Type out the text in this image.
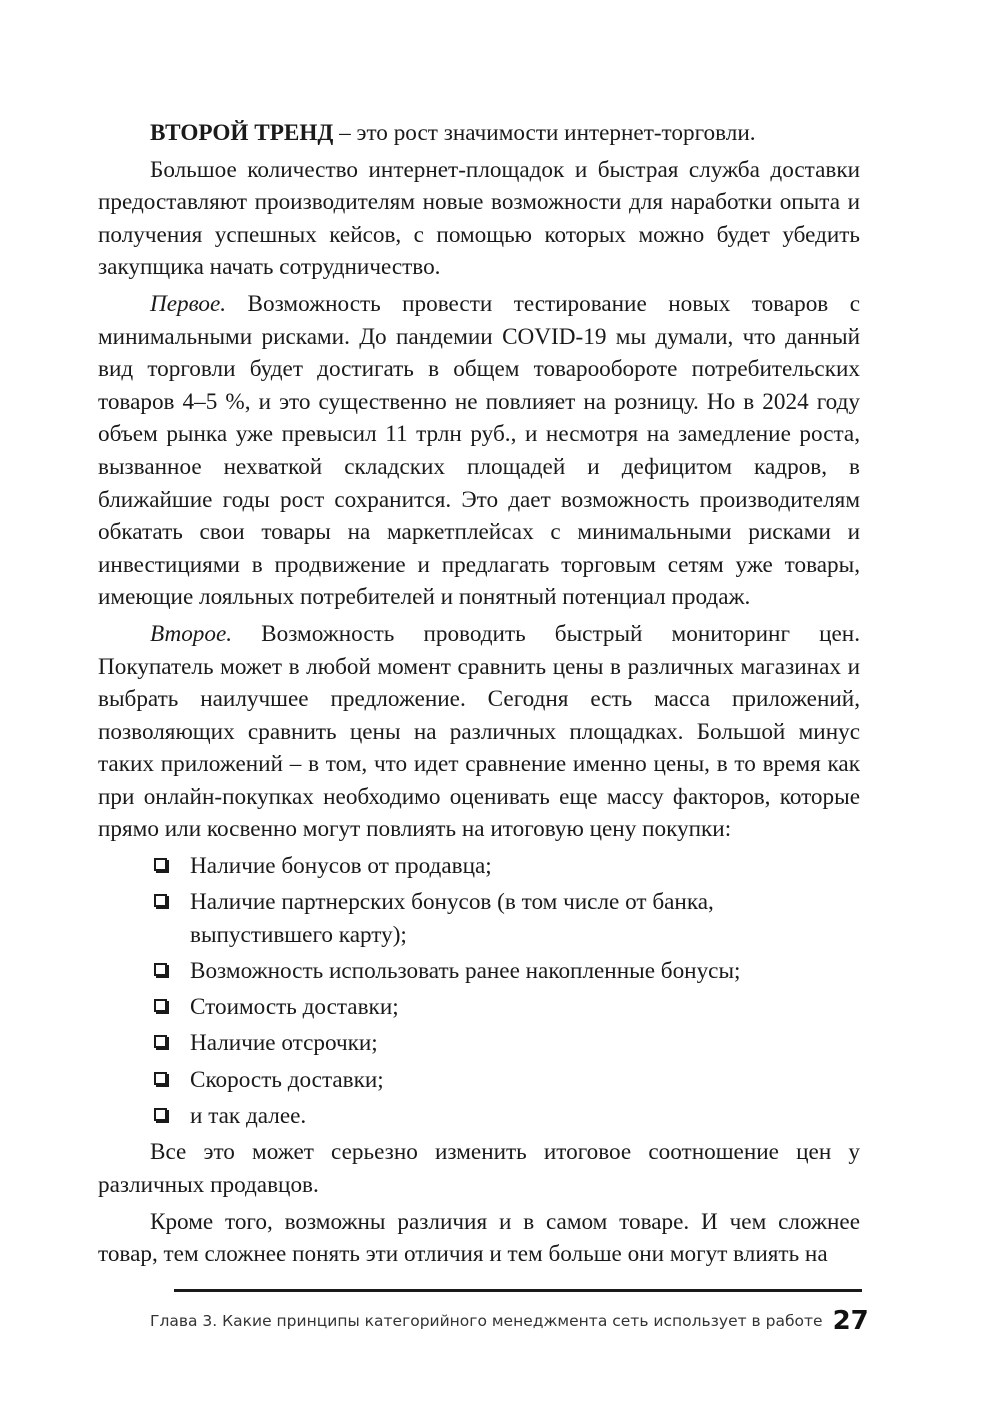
ВТОРОЙ ТРЕНД – это рост значимости интернет-торговли.

Большое количество интернет-площадок и быстрая служба доставки предоставляют производителям новые возможности для наработки опыта и получения успешных кейсов, с помощью которых можно будет убедить закупщика начать сотрудничество.

Первое. Возможность провести тестирование новых товаров с минимальными рисками. До пандемии COVID-19 мы думали, что данный вид торговли будет достигать в общем товарообороте потребительских товаров 4–5 %, и это существенно не повлияет на розницу. Но в 2024 году объем рынка уже превысил 11 трлн руб., и несмотря на замедление роста, вызванное нехваткой складских площадей и дефицитом кадров, в ближайшие годы рост сохранится. Это дает возможность производителям обкатать свои товары на маркетплейсах с минимальными рисками и инвестициями в продвижение и предлагать торговым сетям уже товары, имеющие лояльных потребителей и понятный потенциал продаж.

Второе. Возможность проводить быстрый мониторинг цен. Покупатель может в любой момент сравнить цены в различных магазинах и выбрать наилучшее предложение. Сегодня есть масса приложений, позволяющих сравнить цены на различных площадках. Большой минус таких приложений – в том, что идет сравнение именно цены, в то время как при онлайн-покупках необходимо оценивать еще массу факторов, которые прямо или косвенно могут повлиять на итоговую цену покупки:

Наличие бонусов от продавца;
Наличие партнерских бонусов (в том числе от банка, выпустившего карту);
Возможность использовать ранее накопленные бонусы;
Стоимость доставки;
Наличие отсрочки;
Скорость доставки;
и так далее.

Все это может серьезно изменить итоговое соотношение цен у различных продавцов.

Кроме того, возможны различия и в самом товаре. И чем сложнее товар, тем сложнее понять эти отличия и тем больше они могут влиять на

Глава 3. Какие принципы категорийного менеджмента сеть использует в работе 27
